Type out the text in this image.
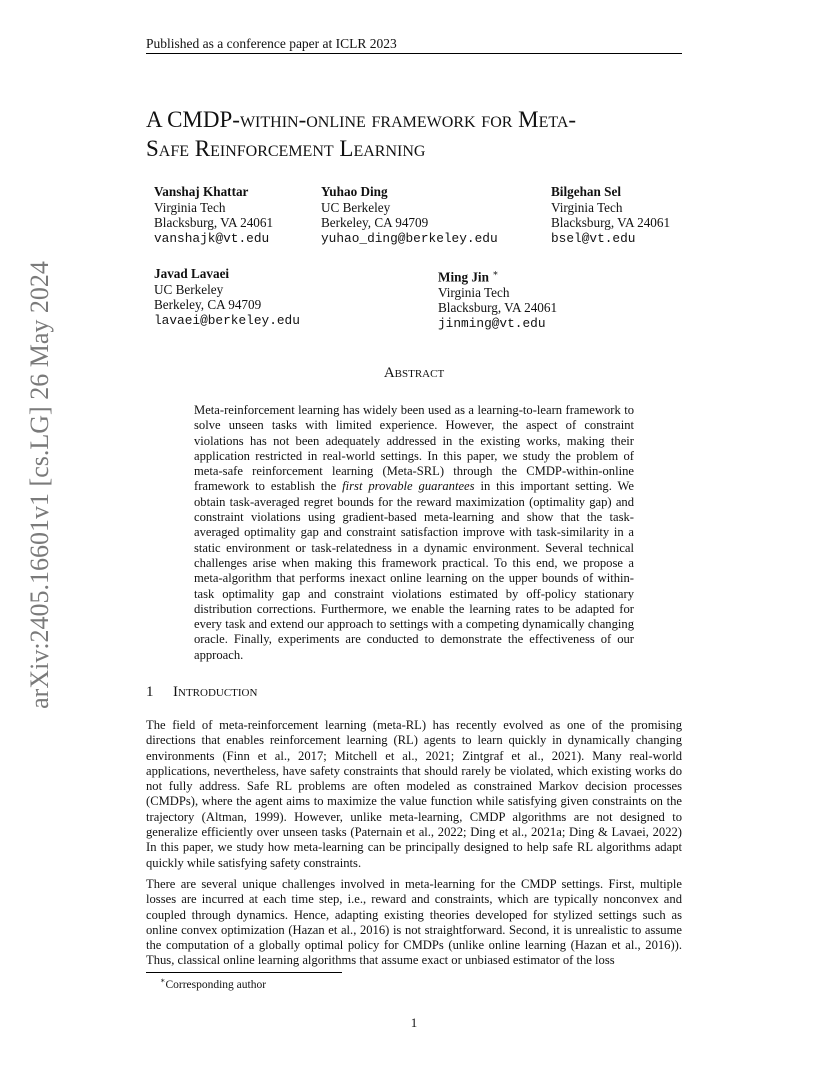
Published as a conference paper at ICLR 2023
arXiv:2405.16601v1 [cs.LG] 26 May 2024
A CMDP-within-online framework for Meta-
Safe Reinforcement Learning
Vanshaj Khattar
Virginia Tech
Blacksburg, VA 24061
vanshajk@vt.edu
Yuhao Ding
UC Berkeley
Berkeley, CA 94709
yuhao_ding@berkeley.edu
Bilgehan Sel
Virginia Tech
Blacksburg, VA 24061
bsel@vt.edu
Javad Lavaei
UC Berkeley
Berkeley, CA 94709
lavaei@berkeley.edu
Ming Jin ∗
Virginia Tech
Blacksburg, VA 24061
jinming@vt.edu
Abstract
Meta-reinforcement learning has widely been used as a learning-to-learn framework to solve unseen tasks with limited experience. However, the aspect of constraint violations has not been adequately addressed in the existing works, making their application restricted in real-world settings. In this paper, we study the problem of meta-safe reinforcement learning (Meta-SRL) through the CMDP-within-online framework to establish the first provable guarantees in this important setting. We obtain task-averaged regret bounds for the reward maximization (optimality gap) and constraint violations using gradient-based meta-learning and show that the task-averaged optimality gap and constraint satisfaction improve with task-similarity in a static environment or task-relatedness in a dynamic environment. Several technical challenges arise when making this framework practical. To this end, we propose a meta-algorithm that performs inexact online learning on the upper bounds of within-task optimality gap and constraint violations estimated by off-policy stationary distribution corrections. Furthermore, we enable the learning rates to be adapted for every task and extend our approach to settings with a competing dynamically changing oracle. Finally, experiments are conducted to demonstrate the effectiveness of our approach.
1 Introduction
The field of meta-reinforcement learning (meta-RL) has recently evolved as one of the promising directions that enables reinforcement learning (RL) agents to learn quickly in dynamically changing environments (Finn et al., 2017; Mitchell et al., 2021; Zintgraf et al., 2021). Many real-world applications, nevertheless, have safety constraints that should rarely be violated, which existing works do not fully address. Safe RL problems are often modeled as constrained Markov decision processes (CMDPs), where the agent aims to maximize the value function while satisfying given constraints on the trajectory (Altman, 1999). However, unlike meta-learning, CMDP algorithms are not designed to generalize efficiently over unseen tasks (Paternain et al., 2022; Ding et al., 2021a; Ding & Lavaei, 2022) In this paper, we study how meta-learning can be principally designed to help safe RL algorithms adapt quickly while satisfying safety constraints.
There are several unique challenges involved in meta-learning for the CMDP settings. First, multiple losses are incurred at each time step, i.e., reward and constraints, which are typically nonconvex and coupled through dynamics. Hence, adapting existing theories developed for stylized settings such as online convex optimization (Hazan et al., 2016) is not straightforward. Second, it is unrealistic to assume the computation of a globally optimal policy for CMDPs (unlike online learning (Hazan et al., 2016)). Thus, classical online learning algorithms that assume exact or unbiased estimator of the loss
∗Corresponding author
1
